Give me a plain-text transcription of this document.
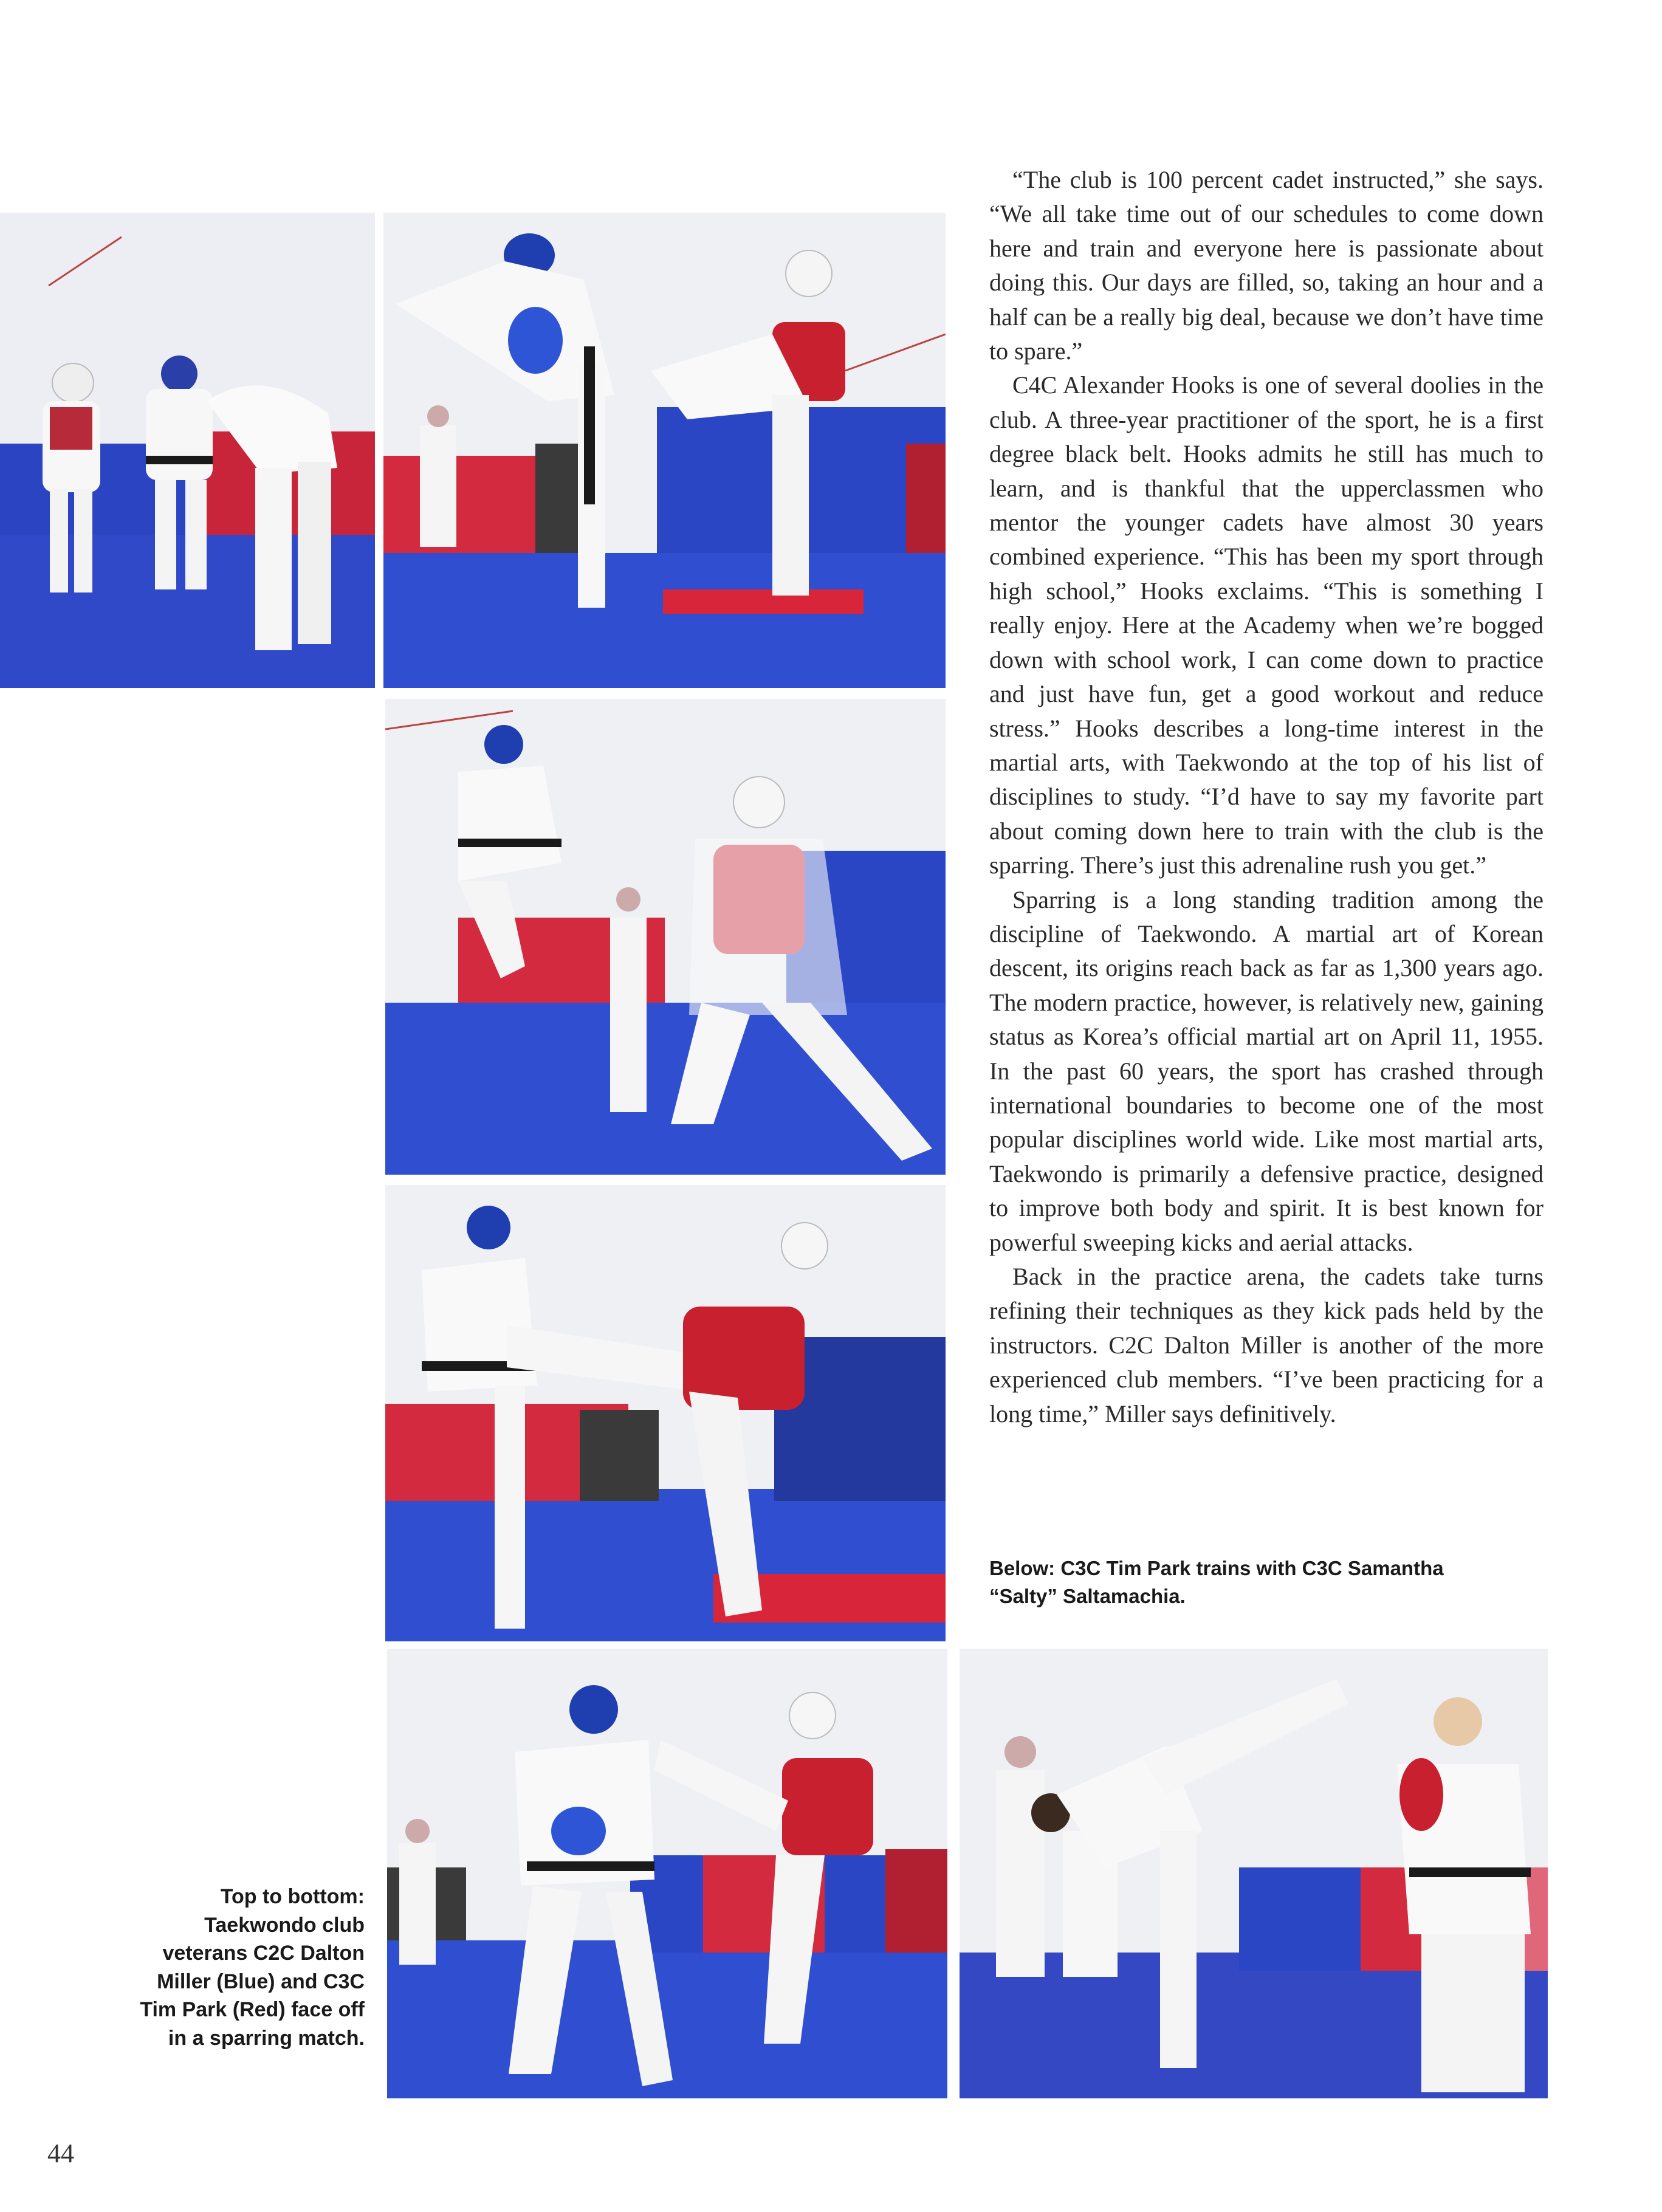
“The club is 100 percent cadet instructed,” she says. “We all take time out of our schedules to come down here and train and everyone here is passionate about doing this. Our days are filled, so, taking an hour and a half can be a really big deal, because we don’t have time to spare.”

C4C Alexander Hooks is one of several doolies in the club. A three-year practitioner of the sport, he is a first degree black belt. Hooks admits he still has much to learn, and is thankful that the upperclassmen who mentor the younger cadets have almost 30 years combined experience. “This has been my sport through high school,” Hooks exclaims. “This is something I really enjoy. Here at the Academy when we’re bogged down with school work, I can come down to practice and just have fun, get a good workout and reduce stress.” Hooks describes a long-time interest in the martial arts, with Taekwondo at the top of his list of disciplines to study. “I’d have to say my favorite part about coming down here to train with the club is the sparring. There’s just this adrenaline rush you get.”

Sparring is a long standing tradition among the discipline of Taekwondo. A martial art of Korean descent, its origins reach back as far as 1,300 years ago. The modern practice, however, is relatively new, gaining status as Korea’s official martial art on April 11, 1955. In the past 60 years, the sport has crashed through international boundaries to become one of the most popular disciplines world wide. Like most martial arts, Taekwondo is primarily a defensive practice, designed to improve both body and spirit. It is best known for powerful sweeping kicks and aerial attacks.

Back in the practice arena, the cadets take turns refining their techniques as they kick pads held by the instructors. C2C Dalton Miller is another of the more experienced club members. “I’ve been practicing for a long time,” Miller says definitively.

Below: C3C Tim Park trains with C3C Samantha “Salty” Saltamachia.
Top to bottom: Taekwondo club veterans C2C Dalton Miller (Blue) and C3C Tim Park (Red) face off in a sparring match.
44
